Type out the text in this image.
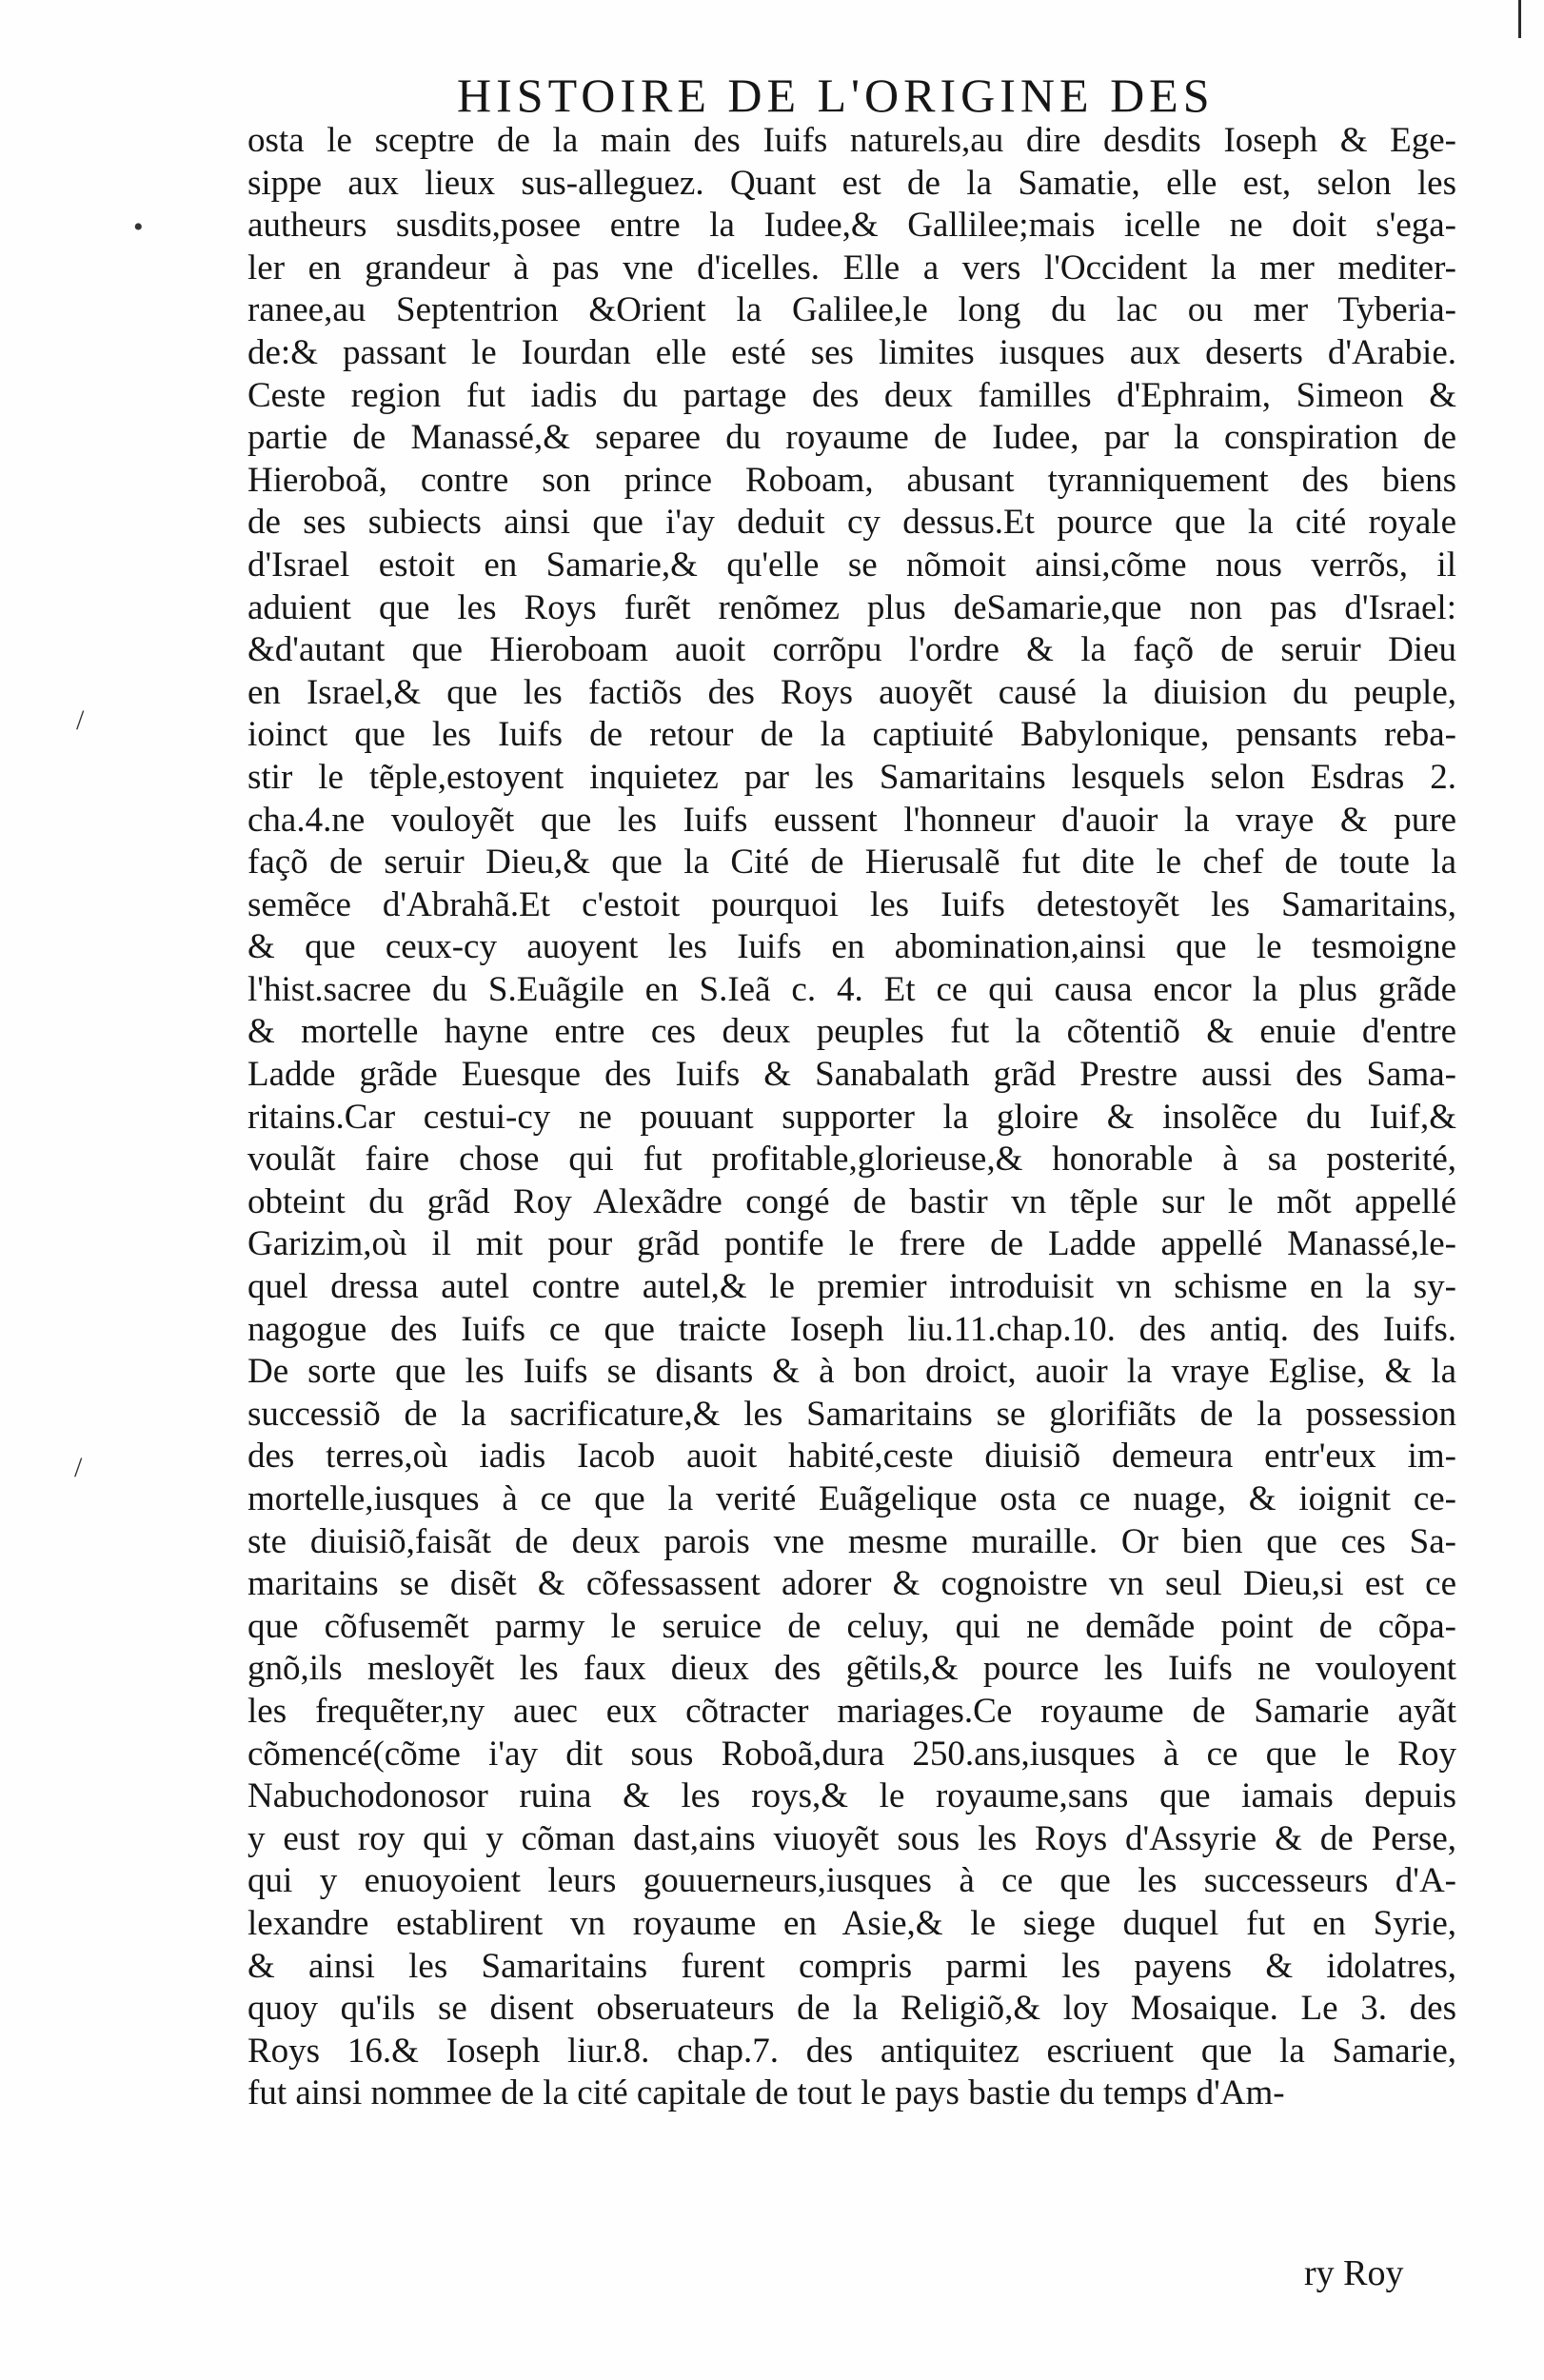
HISTOIRE DE L'ORIGINE DES
•
/
/
osta le sceptre de la main des Iuifs naturels,au dire desdits Ioseph & Ege-
sippe aux lieux sus-alleguez. Quant est de la Samatie, elle est, selon les
autheurs susdits,posee entre la Iudee,& Gallilee;mais icelle ne doit s'ega-
ler en grandeur à pas vne d'icelles. Elle a vers l'Occident la mer mediter-
ranee,au Septentrion &Orient la Galilee,le long du lac ou mer Tyberia-
de:& passant le Iourdan elle esté ses limites iusques aux deserts d'Arabie.
Ceste region fut iadis du partage des deux familles d'Ephraim, Simeon &
partie de Manassé,& separee du royaume de Iudee, par la conspiration de
Hieroboã, contre son prince Roboam, abusant tyranniquement des biens
de ses subiects ainsi que i'ay deduit cy dessus.Et pource que la cité royale
d'Israel estoit en Samarie,& qu'elle se nõmoit ainsi,cõme nous verrõs, il
aduient que les Roys furẽt renõmez plus deSamarie,que non pas d'Israel:
&d'autant que Hieroboam auoit corrõpu l'ordre & la façõ de seruir Dieu
en Israel,& que les factiõs des Roys auoyẽt causé la diuision du peuple,
ioinct que les Iuifs de retour de la captiuité Babylonique, pensants reba-
stir le tẽple,estoyent inquietez par les Samaritains lesquels selon Esdras 2.
cha.4.ne vouloyẽt que les Iuifs eussent l'honneur d'auoir la vraye & pure
façõ de seruir Dieu,& que la Cité de Hierusalẽ fut dite le chef de toute la
semẽce d'Abrahã.Et c'estoit pourquoi les Iuifs detestoyẽt les Samaritains,
& que ceux-cy auoyent les Iuifs en abomination,ainsi que le tesmoigne
l'hist.sacree du S.Euãgile en S.Ieã c. 4. Et ce qui causa encor la plus grãde
& mortelle hayne entre ces deux peuples fut la cõtentiõ & enuie d'entre
Ladde grãde Euesque des Iuifs & Sanabalath grãd Prestre aussi des Sama-
ritains.Car cestui-cy ne pouuant supporter la gloire & insolẽce du Iuif,&
voulãt faire chose qui fut profitable,glorieuse,& honorable à sa posterité,
obteint du grãd Roy Alexãdre congé de bastir vn tẽple sur le mõt appellé
Garizim,où il mit pour grãd pontife le frere de Ladde appellé Manassé,le-
quel dressa autel contre autel,& le premier introduisit vn schisme en la sy-
nagogue des Iuifs ce que traicte Ioseph liu.11.chap.10. des antiq. des Iuifs.
De sorte que les Iuifs se disants & à bon droict, auoir la vraye Eglise, & la
successiõ de la sacrificature,& les Samaritains se glorifiãts de la possession
des terres,où iadis Iacob auoit habité,ceste diuisiõ demeura entr'eux im-
mortelle,iusques à ce que la verité Euãgelique osta ce nuage, & ioignit ce-
ste diuisiõ,faisãt de deux parois vne mesme muraille. Or bien que ces Sa-
maritains se disẽt & cõfessassent adorer & cognoistre vn seul Dieu,si est ce
que cõfusemẽt parmy le seruice de celuy, qui ne demãde point de cõpa-
gnõ,ils mesloyẽt les faux dieux des gẽtils,& pource les Iuifs ne vouloyent
les frequẽter,ny auec eux cõtracter mariages.Ce royaume de Samarie ayãt
cõmencé(cõme i'ay dit sous Roboã,dura 250.ans,iusques à ce que le Roy
Nabuchodonosor ruina & les roys,& le royaume,sans que iamais depuis
y eust roy qui y cõman dast,ains viuoyẽt sous les Roys d'Assyrie & de Perse,
qui y enuoyoient leurs gouuerneurs,iusques à ce que les successeurs d'A-
lexandre establirent vn royaume en Asie,& le siege duquel fut en Syrie,
& ainsi les Samaritains furent compris parmi les payens & idolatres,
quoy qu'ils se disent obseruateurs de la Religiõ,& loy Mosaique. Le 3. des
Roys 16.& Ioseph liur.8. chap.7. des antiquitez escriuent que la Samarie,
fut ainsi nommee de la cité capitale de tout le pays bastie du temps d'Am-
ry Roy
